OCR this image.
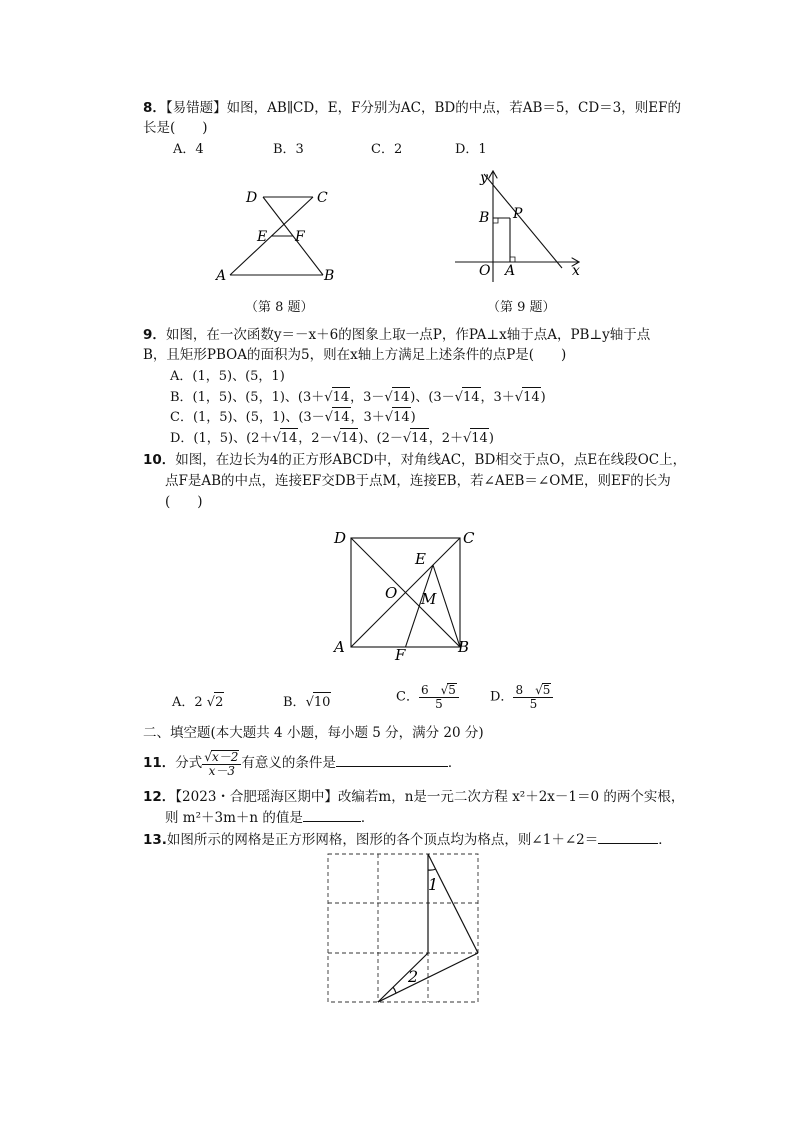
8．【易错题】如图，AB∥CD，E，F分别为AC，BD的中点，若AB＝5，CD＝3，则EF的
长是(　　)
A．4	B．3	C．2	D．1
D	C
E F
A	B
（第 8 题）
y
x
O A
B P
（第 9 题）
9．如图，在一次函数y＝－x＋6的图象上取一点P，作PA⊥x轴于点A，PB⊥y轴于点
B，且矩形PBOA的面积为5，则在x轴上方满足上述条件的点P是(　　)
A．(1，5)、(5，1)
B．(1，5)、(5，1)、(3＋√14，3－√14)、(3－√14，3＋√14)
C．(1，5)、(5，1)、(3－√14，3＋√14)
D．(1，5)、(2＋√14，2－√14)、(2－√14，2＋√14)
10．如图，在边长为4的正方形ABCD中，对角线AC，BD相交于点O，点E在线段OC上，
点F是AB的中点，连接EF交DB于点M，连接EB，若∠AEB＝∠OME，则EF的长为
(　　)
D	C
A	B
E
O M
F
A．2 √2	B．√10	C． $\frac{6 √5}{5}$ D． $\frac{8 √5}{5}$
二、填空题(本大题共 4 小题，每小题 5 分，满分 20 分)
11．分式 $\frac{√x-2}{x-3}$ 有意义的条件是	．
12．【2023・合肥瑶海区期中】改编若m，n是一元二次方程 x²＋2x－1＝0 的两个实根，
则 m²＋3m＋n 的值是	．
13.如图所示的网格是正方形网格，图形的各个顶点均为格点，则∠1＋∠2＝	．
1
2
